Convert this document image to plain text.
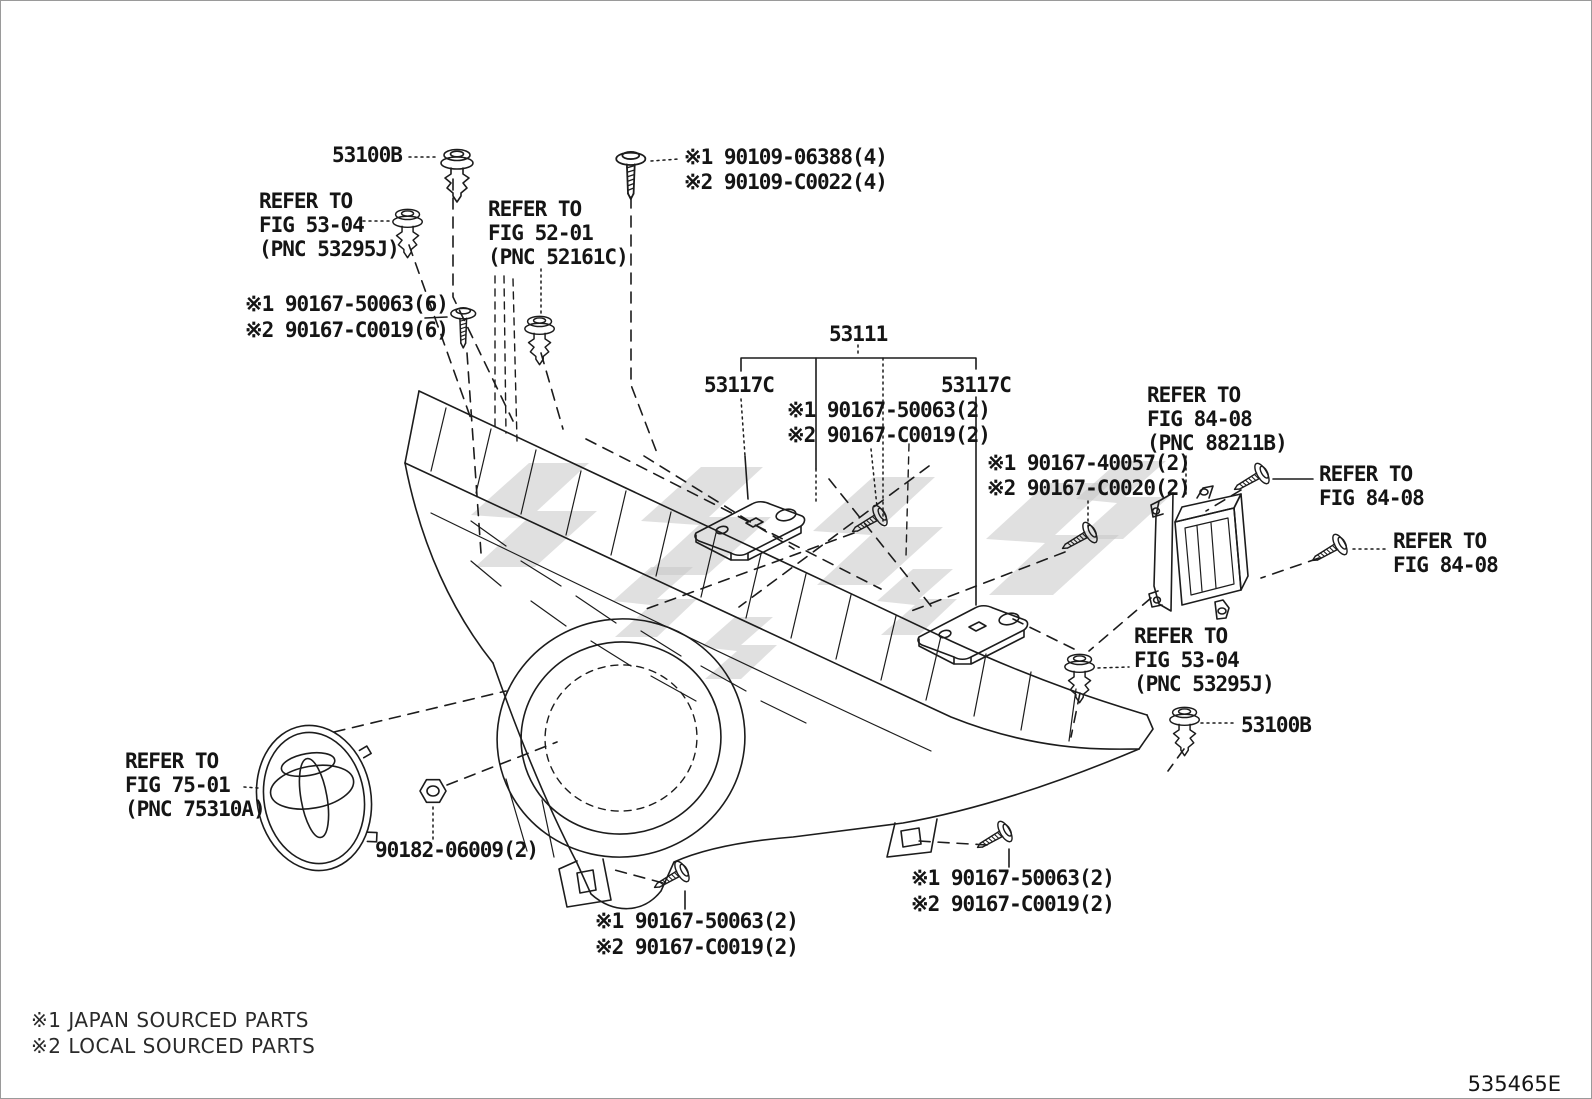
53100B	※1 90109-06388(4)
※2 90109-C0022(4)
REFER TO
FIG 53-04
(PNC 53295J)
REFER TO
FIG 52-01
(PNC 52161C)
※1 90167-50063(6)
※2 90167-C0019(6)	53111
53117C	53117C
※1 90167-50063(2)
※2 90167-C0019(2)
REFER TO
FIG 84-08
(PNC 88211B)
※1 90167-40057(2)
※2 90167-C0020(2)
REFER TO
FIG 84-08
REFER TO
FIG 84-08
REFER TO
FIG 53-04
(PNC 53295J)
53100B
REFER TO
FIG 75-01
(PNC 75310A)
90182-06009(2)
※1 90167-50063(2)
※2 90167-C0019(2)
※1 90167-50063(2)
※2 90167-C0019(2)
※1 JAPAN SOURCED PARTS
※2 LOCAL SOURCED PARTS
535465E
